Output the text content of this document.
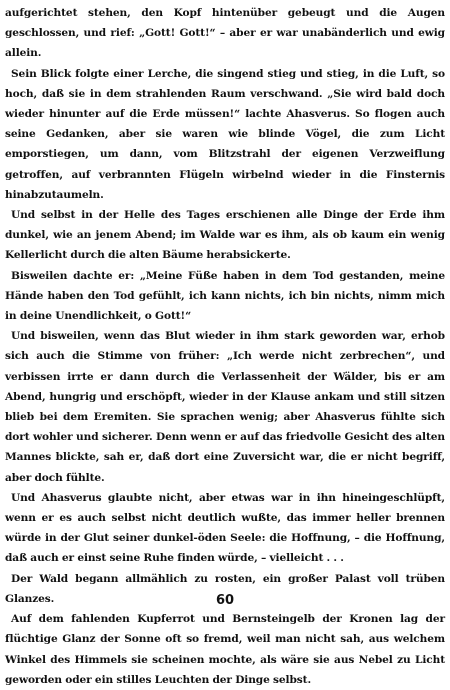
aufgerichtet stehen, den Kopf hintenüber gebeugt und die Augen geschlossen, und rief: „Gott! Gott!“ – aber er war unabänderlich und ewig allein.

Sein Blick folgte einer Lerche, die singend stieg und stieg, in die Luft, so hoch, daß sie in dem strahlenden Raum verschwand. „Sie wird bald doch wieder hinunter auf die Erde müssen!“ lachte Ahasverus. So flogen auch seine Gedanken, aber sie waren wie blinde Vögel, die zum Licht emporstiegen, um dann, vom Blitzstrahl der eigenen Verzweiflung getroffen, auf verbrannten Flügeln wirbelnd wieder in die Finsternis hinabzutaumeln.

Und selbst in der Helle des Tages erschienen alle Dinge der Erde ihm dunkel, wie an jenem Abend; im Walde war es ihm, als ob kaum ein wenig Kellerlicht durch die alten Bäume herabsickerte.

Bisweilen dachte er: „Meine Füße haben in dem Tod gestanden, meine Hände haben den Tod gefühlt, ich kann nichts, ich bin nichts, nimm mich in deine Unendlichkeit, o Gott!“

Und bisweilen, wenn das Blut wieder in ihm stark geworden war, erhob sich auch die Stimme von früher: „Ich werde nicht zerbrechen“, und verbissen irrte er dann durch die Verlassenheit der Wälder, bis er am Abend, hungrig und erschöpft, wieder in der Klause ankam und still sitzen blieb bei dem Eremiten. Sie sprachen wenig; aber Ahasverus fühlte sich dort wohler und sicherer. Denn wenn er auf das friedvolle Gesicht des alten Mannes blickte, sah er, daß dort eine Zuversicht war, die er nicht begriff, aber doch fühlte.

Und Ahasverus glaubte nicht, aber etwas war in ihn hineingeschlüpft, wenn er es auch selbst nicht deutlich wußte, das immer heller brennen würde in der Glut seiner dunkel-öden Seele: die Hoffnung, – die Hoffnung, daß auch er einst seine Ruhe finden würde, – vielleicht . . .

Der Wald begann allmählich zu rosten, ein großer Palast voll trüben Glanzes.

Auf dem fahlenden Kupferrot und Bernsteingelb der Kronen lag der flüchtige Glanz der Sonne oft so fremd, weil man nicht sah, aus welchem Winkel des Himmels sie scheinen mochte, als wäre sie aus Nebel zu Licht geworden oder ein stilles Leuchten der Dinge selbst.

60
